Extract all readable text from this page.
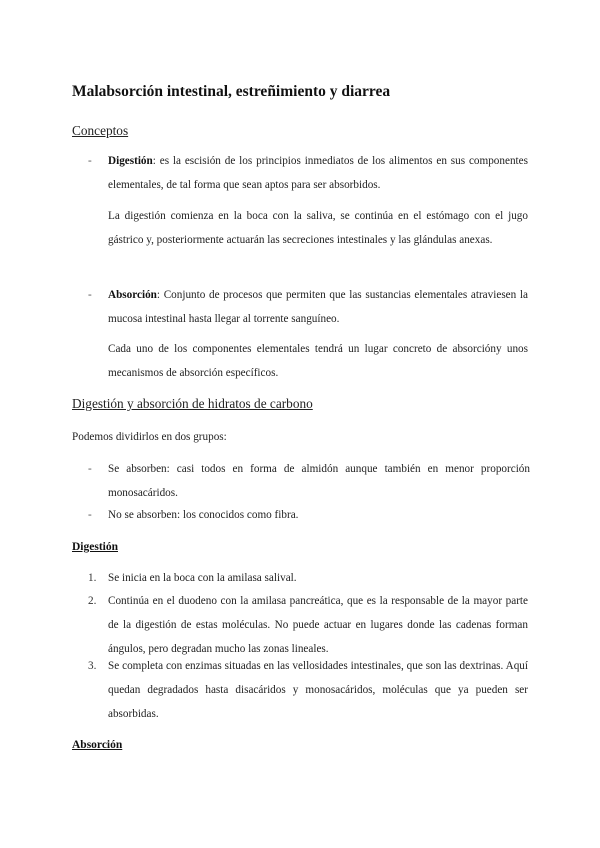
Malabsorción intestinal, estreñimiento y diarrea
Conceptos
- Digestión: es la escisión de los principios inmediatos de los alimentos en sus componentes elementales, de tal forma que sean aptos para ser absorbidos.
La digestión comienza en la boca con la saliva, se continúa en el estómago con el jugo gástrico y, posteriormente actuarán las secreciones intestinales y las glándulas anexas.
- Absorción: Conjunto de procesos que permiten que las sustancias elementales atraviesen la mucosa intestinal hasta llegar al torrente sanguíneo.
Cada uno de los componentes elementales tendrá un lugar concreto de absorcióny unos mecanismos de absorción específicos.
Digestión y absorción de hidratos de carbono
Podemos dividirlos en dos grupos:
- Se absorben: casi todos en forma de almidón aunque también en menor proporción monosacáridos.
- No se absorben: los conocidos como fibra.
Digestión
1. Se inicia en la boca con la amilasa salival.
2. Continúa en el duodeno con la amilasa pancreática, que es la responsable de la mayor parte de la digestión de estas moléculas. No puede actuar en lugares donde las cadenas forman ángulos, pero degradan mucho las zonas lineales.
3. Se completa con enzimas situadas en las vellosidades intestinales, que son las dextrinas. Aquí quedan degradados hasta disacáridos y monosacáridos, moléculas que ya pueden ser absorbidas.
Absorción
